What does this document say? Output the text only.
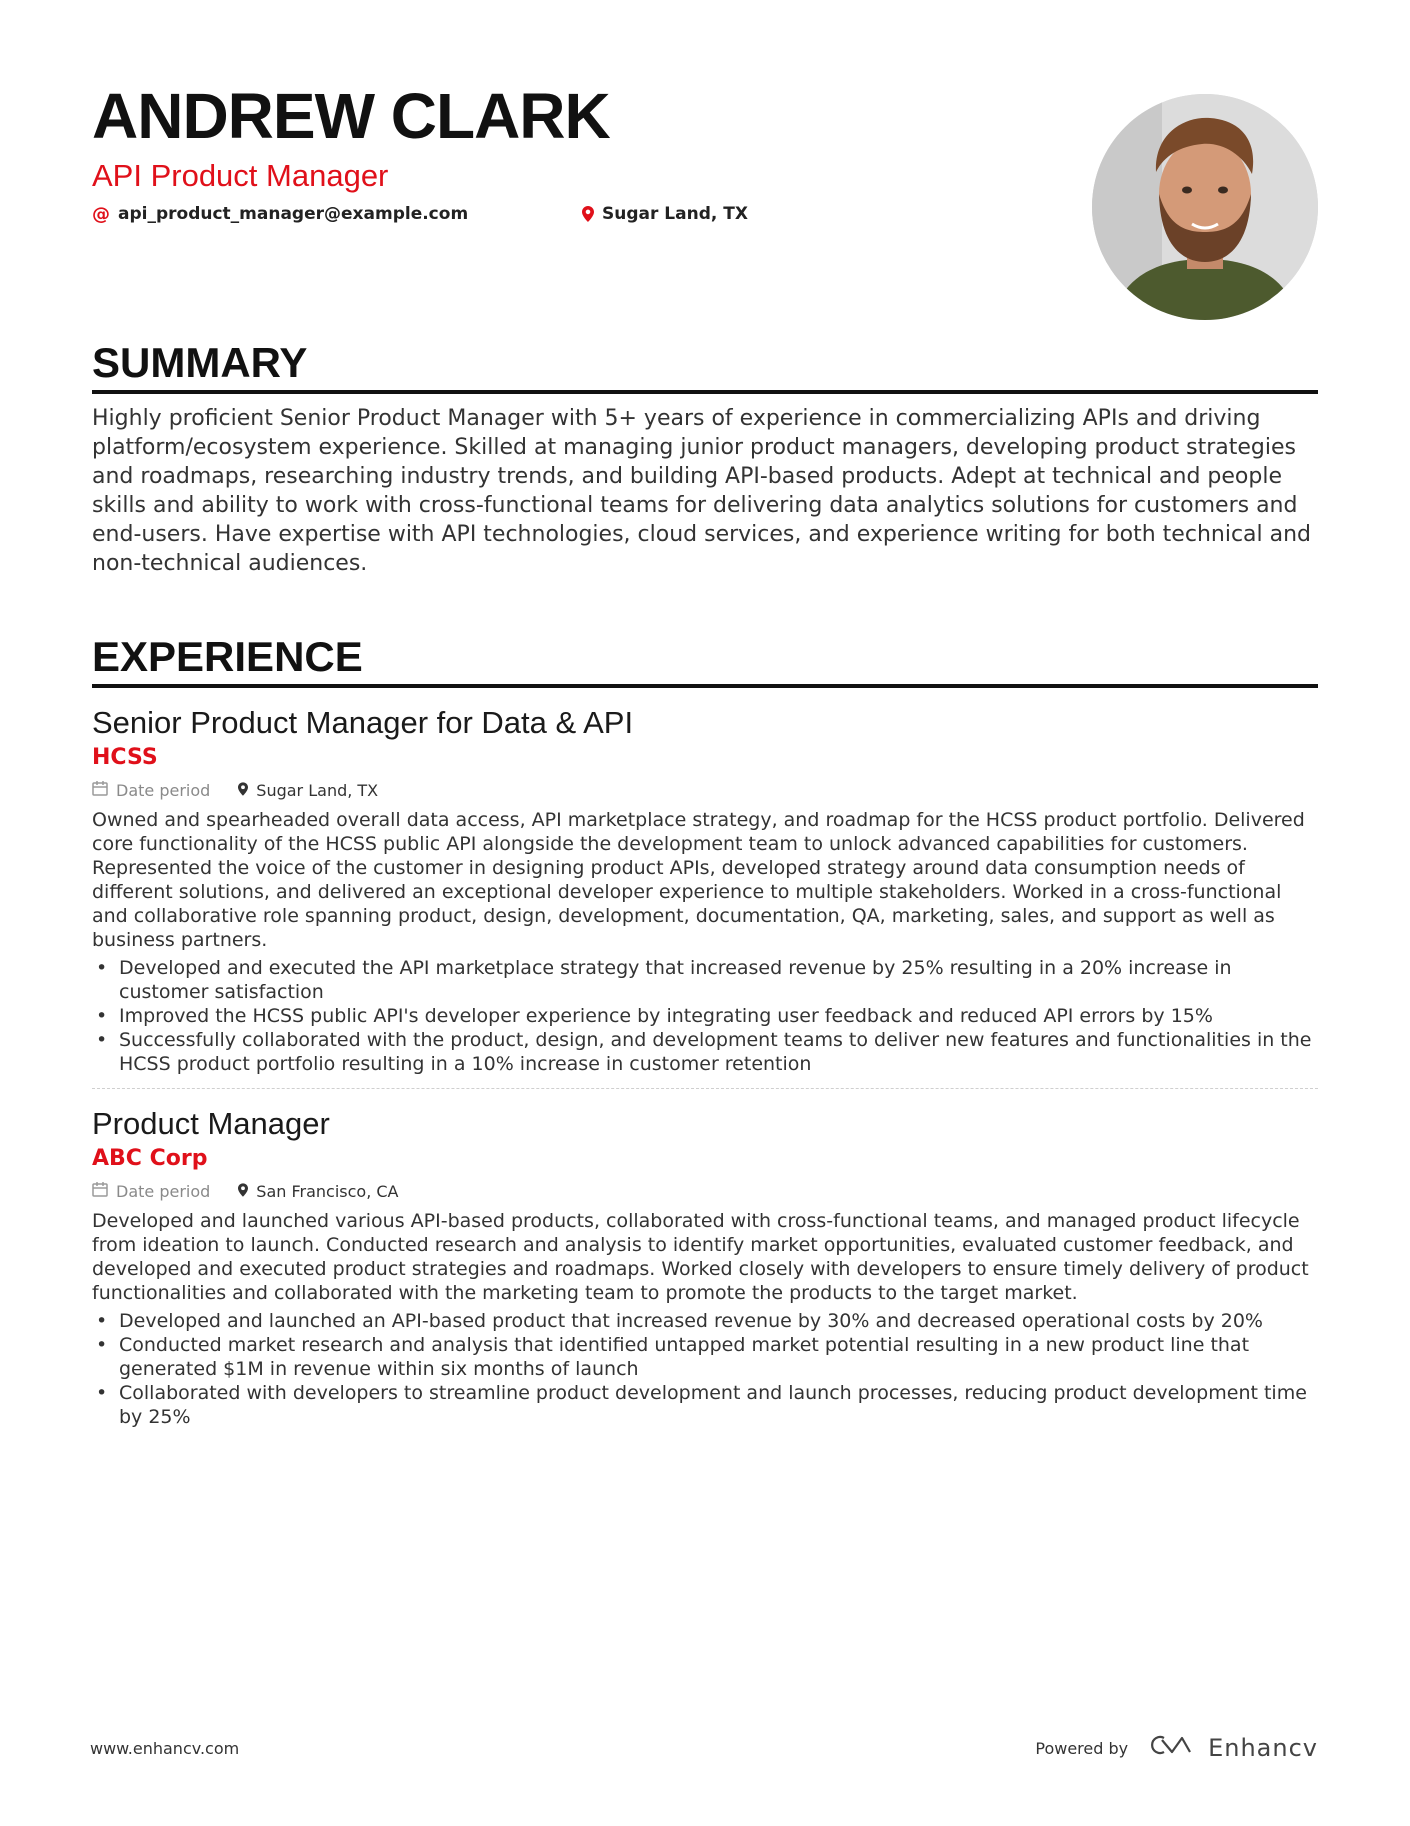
ANDREW CLARK
API Product Manager
@ api_product_manager@example.com	Sugar Land, TX
SUMMARY
Highly proficient Senior Product Manager with 5+ years of experience in commercializing APIs and driving platform/ecosystem experience. Skilled at managing junior product managers, developing product strategies and roadmaps, researching industry trends, and building API-based products. Adept at technical and people skills and ability to work with cross-functional teams for delivering data analytics solutions for customers and end-users. Have expertise with API technologies, cloud services, and experience writing for both technical and non-technical audiences.
EXPERIENCE
Senior Product Manager for Data & API
HCSS
Date period	Sugar Land, TX
Owned and spearheaded overall data access, API marketplace strategy, and roadmap for the HCSS product portfolio. Delivered core functionality of the HCSS public API alongside the development team to unlock advanced capabilities for customers. Represented the voice of the customer in designing product APIs, developed strategy around data consumption needs of different solutions, and delivered an exceptional developer experience to multiple stakeholders. Worked in a cross-functional and collaborative role spanning product, design, development, documentation, QA, marketing, sales, and support as well as business partners.
• Developed and executed the API marketplace strategy that increased revenue by 25% resulting in a 20% increase in customer satisfaction
• Improved the HCSS public API's developer experience by integrating user feedback and reduced API errors by 15%
• Successfully collaborated with the product, design, and development teams to deliver new features and functionalities in the HCSS product portfolio resulting in a 10% increase in customer retention
Product Manager
ABC Corp
Date period	San Francisco, CA
Developed and launched various API-based products, collaborated with cross-functional teams, and managed product lifecycle from ideation to launch. Conducted research and analysis to identify market opportunities, evaluated customer feedback, and developed and executed product strategies and roadmaps. Worked closely with developers to ensure timely delivery of product functionalities and collaborated with the marketing team to promote the products to the target market.
• Developed and launched an API-based product that increased revenue by 30% and decreased operational costs by 20%
• Conducted market research and analysis that identified untapped market potential resulting in a new product line that generated $1M in revenue within six months of launch
• Collaborated with developers to streamline product development and launch processes, reducing product development time by 25%
www.enhancv.com	Powered by	Enhancv
